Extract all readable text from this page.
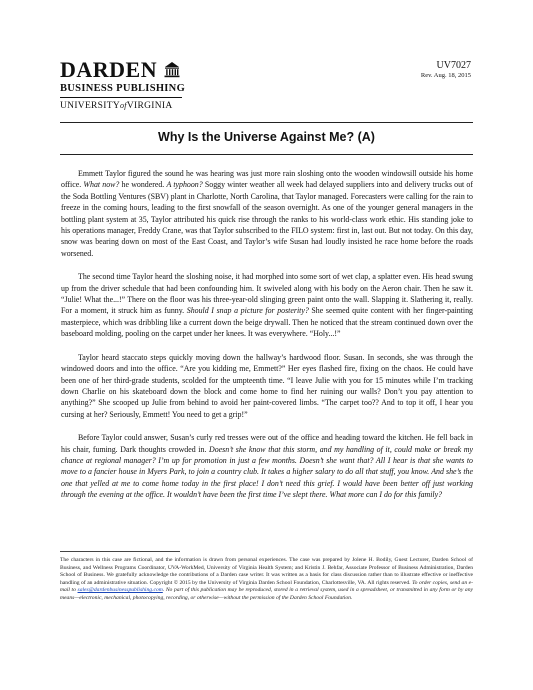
DARDEN
BUSINESS PUBLISHING
UNIVERSITYofVIRGINIA
UV7027
Rev. Aug. 18, 2015
Why Is the Universe Against Me? (A)

Emmett Taylor figured the sound he was hearing was just more rain sloshing onto the wooden windowsill outside his home office. What now? he wondered. A typhoon? Soggy winter weather all week had delayed suppliers into and delivery trucks out of the Soda Bottling Ventures (SBV) plant in Charlotte, North Carolina, that Taylor managed. Forecasters were calling for the rain to freeze in the coming hours, leading to the first snowfall of the season overnight. As one of the younger general managers in the bottling plant system at 35, Taylor attributed his quick rise through the ranks to his world-class work ethic. His standing joke to his operations manager, Freddy Crane, was that Taylor subscribed to the FILO system: first in, last out. But not today. On this day, snow was bearing down on most of the East Coast, and Taylor’s wife Susan had loudly insisted he race home before the roads worsened.

The second time Taylor heard the sloshing noise, it had morphed into some sort of wet clap, a splatter even. His head swung up from the driver schedule that had been confounding him. It swiveled along with his body on the Aeron chair. Then he saw it. “Julie! What the...!” There on the floor was his three-year-old slinging green paint onto the wall. Slapping it. Slathering it, really. For a moment, it struck him as funny. Should I snap a picture for posterity? She seemed quite content with her finger-painting masterpiece, which was dribbling like a current down the beige drywall. Then he noticed that the stream continued down over the baseboard molding, pooling on the carpet under her knees. It was everywhere. “Holy...!”

Taylor heard staccato steps quickly moving down the hallway’s hardwood floor. Susan. In seconds, she was through the windowed doors and into the office. “Are you kidding me, Emmett?” Her eyes flashed fire, fixing on the chaos. He could have been one of her third-grade students, scolded for the umpteenth time. “I leave Julie with you for 15 minutes while I’m tracking down Charlie on his skateboard down the block and come home to find her ruining our walls? Don’t you pay attention to anything?” She scooped up Julie from behind to avoid her paint-covered limbs. “The carpet too?? And to top it off, I hear you cursing at her? Seriously, Emmett! You need to get a grip!”

Before Taylor could answer, Susan’s curly red tresses were out of the office and heading toward the kitchen. He fell back in his chair, fuming. Dark thoughts crowded in. Doesn’t she know that this storm, and my handling of it, could make or break my chance at regional manager? I’m up for promotion in just a few months. Doesn’t she want that? All I hear is that she wants to move to a fancier house in Myers Park, to join a country club. It takes a higher salary to do all that stuff, you know. And she’s the one that yelled at me to come home today in the first place! I don’t need this grief. I would have been better off just working through the evening at the office. It wouldn’t have been the first time I’ve slept there. What more can I do for this family?

The characters in this case are fictional, and the information is drawn from personal experiences. The case was prepared by Jolene H. Bodily, Guest Lecturer, Darden School of Business, and Wellness Programs Coordinator, UVA-WorkMed, University of Virginia Health System; and Kristin J. Behfar, Associate Professor of Business Administration, Darden School of Business. We gratefully acknowledge the contributions of a Darden case writer. It was written as a basis for class discussion rather than to illustrate effective or ineffective handling of an administrative situation. Copyright © 2015 by the University of Virginia Darden School Foundation, Charlottesville, VA. All rights reserved. To order copies, send an e-mail to sales@dardenbusinesspublishing.com. No part of this publication may be reproduced, stored in a retrieval system, used in a spreadsheet, or transmitted in any form or by any means—electronic, mechanical, photocopying, recording, or otherwise—without the permission of the Darden School Foundation.
